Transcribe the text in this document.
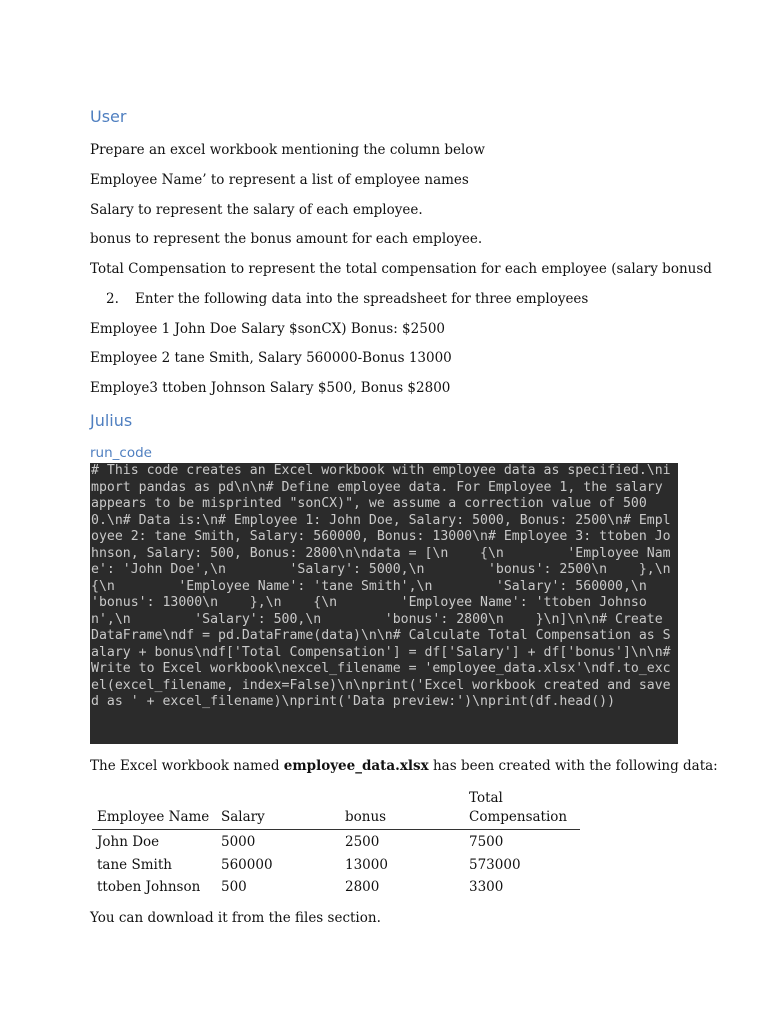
User
Prepare an excel workbook mentioning the column below
Employee Name’ to represent a list of employee names
Salary to represent the salary of each employee.
bonus to represent the bonus amount for each employee.
Total Compensation to represent the total compensation for each employee (salary bonusd
2. Enter the following data into the spreadsheet for three employees
Employee 1 John Doe Salary $sonCX) Bonus: $2500
Employee 2 tane Smith, Salary 560000-Bonus 13000
Employe3 ttoben Johnson Salary $500, Bonus $2800
Julius
run_code
# This code creates an Excel workbook with employee data as specified.\nimport pandas as pd\n\n# Define employee data. For Employee 1, the salary appears to be misprinted "sonCX)", we assume a correction value of 5000.\n# Data is:\n# Employee 1: John Doe, Salary: 5000, Bonus: 2500\n# Employee 2: tane Smith, Salary: 560000, Bonus: 13000\n# Employee 3: ttoben Johnson, Salary: 500, Bonus: 2800\n\ndata = [\n    {\n        'Employee Name': 'John Doe',\n        'Salary': 5000,\n        'bonus': 2500\n    },\n    {\n        'Employee Name': 'tane Smith',\n        'Salary': 560000,\n        'bonus': 13000\n    },\n    {\n        'Employee Name': 'ttoben Johnson',\n        'Salary': 500,\n        'bonus': 2800\n    }\n]\n\n# Create DataFrame\ndf = pd.DataFrame(data)\n\n# Calculate Total Compensation as Salary + bonus\ndf['Total Compensation'] = df['Salary'] + df['bonus']\n\n# Write to Excel workbook\nexcel_filename = 'employee_data.xlsx'\ndf.to_excel(excel_filename, index=False)\n\nprint('Excel workbook created and saved as ' + excel_filename)\nprint('Data preview:')\nprint(df.head())
The Excel workbook named employee_data.xlsx has been created with the following data:
Employee Name	Salary	bonus	Total Compensation
John Doe	5000	2500	7500
tane Smith	560000	13000	573000
ttoben Johnson	500	2800	3300
You can download it from the files section.
